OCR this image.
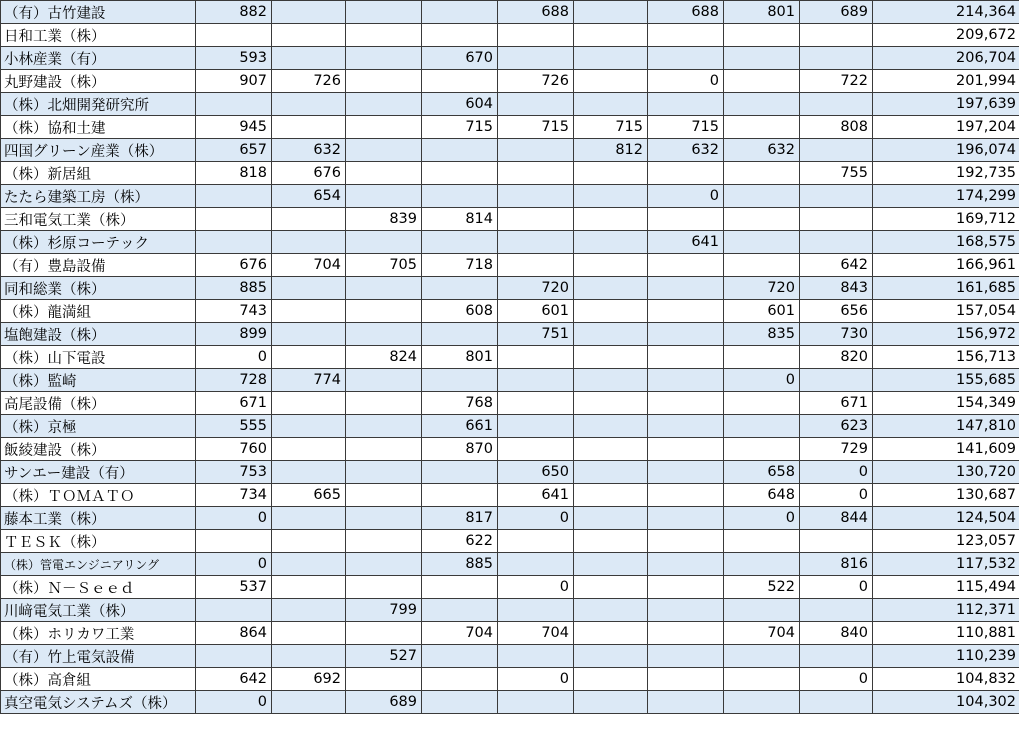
（有）古竹建設	882				688		688	801	689	214,364
日和工業（株）										209,672
小林産業（有）	593			670						206,704
丸野建設（株）	907	726			726		0		722	201,994
（株）北畑開発研究所				604						197,639
（株）協和土建	945			715	715	715	715		808	197,204
四国グリーン産業（株）	657	632				812	632	632		196,074
（株）新居組	818	676							755	192,735
たたら建築工房（株）		654					0			174,299
三和電気工業（株）			839	814						169,712
（株）杉原コーテック							641			168,575
（有）豊島設備	676	704	705	718					642	166,961
同和総業（株）	885				720			720	843	161,685
（株）龍満組	743			608	601			601	656	157,054
塩飽建設（株）	899				751			835	730	156,972
（株）山下電設	0		824	801					820	156,713
（株）監崎	728	774						0		155,685
高尾設備（株）	671			768					671	154,349
（株）京極	555			661					623	147,810
飯綾建設（株）	760			870					729	141,609
サンエー建設（有）	753				650			658	0	130,720
（株）ＴＯＭＡＴＯ	734	665			641			648	0	130,687
藤本工業（株）	0			817	0			0	844	124,504
ＴＥＳＫ（株）				622						123,057
（株）管電エンジニアリング	0			885					816	117,532
（株）Ｎ－Ｓｅｅｄ	537				0			522	0	115,494
川﨑電気工業（株）			799							112,371
（株）ホリカワ工業	864			704	704			704	840	110,881
（有）竹上電気設備			527							110,239
（株）高倉組	642	692			0				0	104,832
真空電気システムズ（株）	0		689							104,302
